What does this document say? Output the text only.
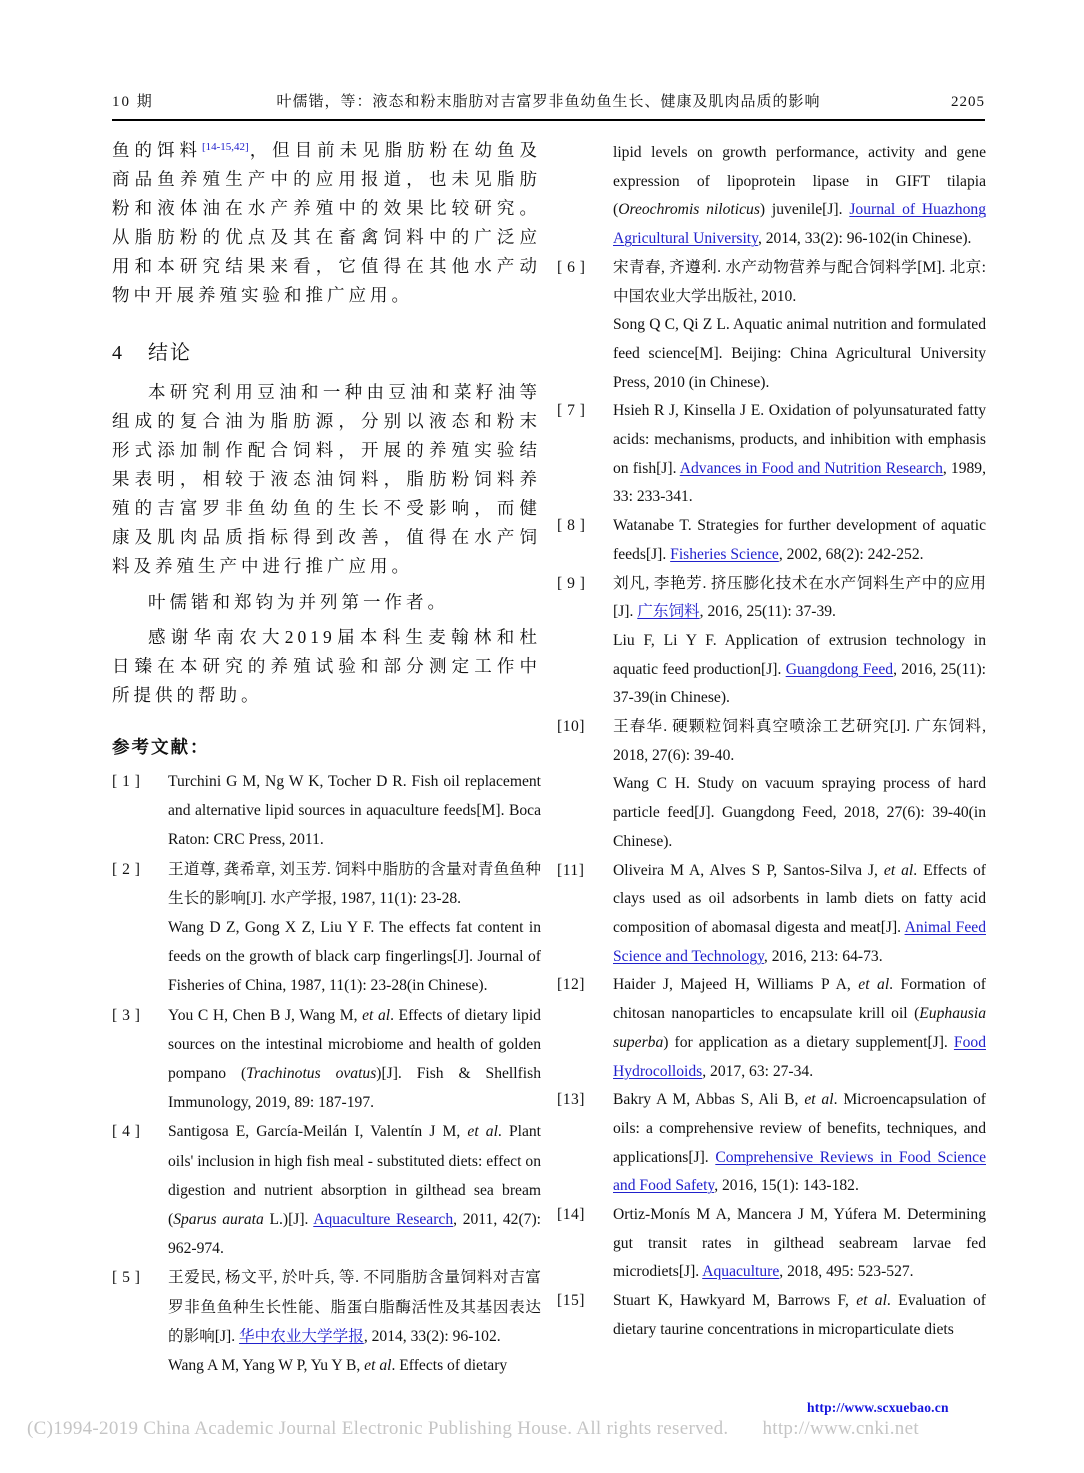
10 期	叶儒锴，等：液态和粉末脂肪对吉富罗非鱼幼鱼生长、健康及肌肉品质的影响	2205

鱼的饵料[14-15,42]，但目前未见脂肪粉在幼鱼及商品鱼养殖生产中的应用报道，也未见脂肪粉和液体油在水产养殖中的效果比较研究。从脂肪粉的优点及其在畜禽饲料中的广泛应用和本研究结果来看，它值得在其他水产动物中开展养殖实验和推广应用。

4 结论

本研究利用豆油和一种由豆油和菜籽油等组成的复合油为脂肪源，分别以液态和粉末形式添加制作配合饲料，开展的养殖实验结果表明，相较于液态油饲料，脂肪粉饲料养殖的吉富罗非鱼幼鱼的生长不受影响，而健康及肌肉品质指标得到改善，值得在水产饲料及养殖生产中进行推广应用。

叶儒锴和郑钧为并列第一作者。

感谢华南农大2019届本科生麦翰林和杜日臻在本研究的养殖试验和部分测定工作中所提供的帮助。

参考文献：
[ 1 ]	Turchini G M, Ng W K, Tocher D R. Fish oil replacement and alternative lipid sources in aquaculture feeds[M]. Boca Raton: CRC Press, 2011.
[ 2 ]	王道尊, 龚希章, 刘玉芳. 饲料中脂肪的含量对青鱼鱼种生长的影响[J]. 水产学报, 1987, 11(1): 23-28.
Wang D Z, Gong X Z, Liu Y F. The effects fat content in feeds on the growth of black carp fingerlings[J]. Journal of Fisheries of China, 1987, 11(1): 23-28(in Chinese).
[ 3 ]	You C H, Chen B J, Wang M, et al. Effects of dietary lipid sources on the intestinal microbiome and health of golden pompano (Trachinotus ovatus)[J]. Fish & Shellfish Immunology, 2019, 89: 187-197.
[ 4 ]	Santigosa E, García-Meilán I, Valentín J M, et al. Plant oils' inclusion in high fish meal - substituted diets: effect on digestion and nutrient absorption in gilthead sea bream (Sparus aurata L.)[J]. Aquaculture Research, 2011, 42(7): 962-974.
[ 5 ]	王爱民, 杨文平, 於叶兵, 等. 不同脂肪含量饲料对吉富罗非鱼鱼种生长性能、脂蛋白脂酶活性及其基因表达的影响[J]. 华中农业大学学报, 2014, 33(2): 96-102.
Wang A M, Yang W P, Yu Y B, et al. Effects of dietary
lipid levels on growth performance, activity and gene expression of lipoprotein lipase in GIFT tilapia (Oreochromis niloticus) juvenile[J]. Journal of Huazhong Agricultural University, 2014, 33(2): 96-102(in Chinese).
[ 6 ]	宋青春, 齐遵利. 水产动物营养与配合饲料学[M]. 北京: 中国农业大学出版社, 2010.
Song Q C, Qi Z L. Aquatic animal nutrition and formulated feed science[M]. Beijing: China Agricultural University Press, 2010 (in Chinese).
[ 7 ]	Hsieh R J, Kinsella J E. Oxidation of polyunsaturated fatty acids: mechanisms, products, and inhibition with emphasis on fish[J]. Advances in Food and Nutrition Research, 1989, 33: 233-341.
[ 8 ]	Watanabe T. Strategies for further development of aquatic feeds[J]. Fisheries Science, 2002, 68(2): 242-252.
[ 9 ]	刘凡, 李艳芳. 挤压膨化技术在水产饲料生产中的应用[J]. 广东饲料, 2016, 25(11): 37-39.
Liu F, Li Y F. Application of extrusion technology in aquatic feed production[J]. Guangdong Feed, 2016, 25(11): 37-39(in Chinese).
[10]	王春华. 硬颗粒饲料真空喷涂工艺研究[J]. 广东饲料, 2018, 27(6): 39-40.
Wang C H. Study on vacuum spraying process of hard particle feed[J]. Guangdong Feed, 2018, 27(6): 39-40(in Chinese).
[11]	Oliveira M A, Alves S P, Santos-Silva J, et al. Effects of clays used as oil adsorbents in lamb diets on fatty acid composition of abomasal digesta and meat[J]. Animal Feed Science and Technology, 2016, 213: 64-73.
[12]	Haider J, Majeed H, Williams P A, et al. Formation of chitosan nanoparticles to encapsulate krill oil (Euphausia superba) for application as a dietary supplement[J]. Food Hydrocolloids, 2017, 63: 27-34.
[13]	Bakry A M, Abbas S, Ali B, et al. Microencapsulation of oils: a comprehensive review of benefits, techniques, and applications[J]. Comprehensive Reviews in Food Science and Food Safety, 2016, 15(1): 143-182.
[14]	Ortiz-Monís M A, Mancera J M, Yúfera M. Determining gut transit rates in gilthead seabream larvae fed microdiets[J]. Aquaculture, 2018, 495: 523-527.
[15]	Stuart K, Hawkyard M, Barrows F, et al. Evaluation of dietary taurine concentrations in microparticulate diets
http://www.scxuebao.cn
(C)1994-2019 China Academic Journal Electronic Publishing House. All rights reserved. http://www.cnki.net
